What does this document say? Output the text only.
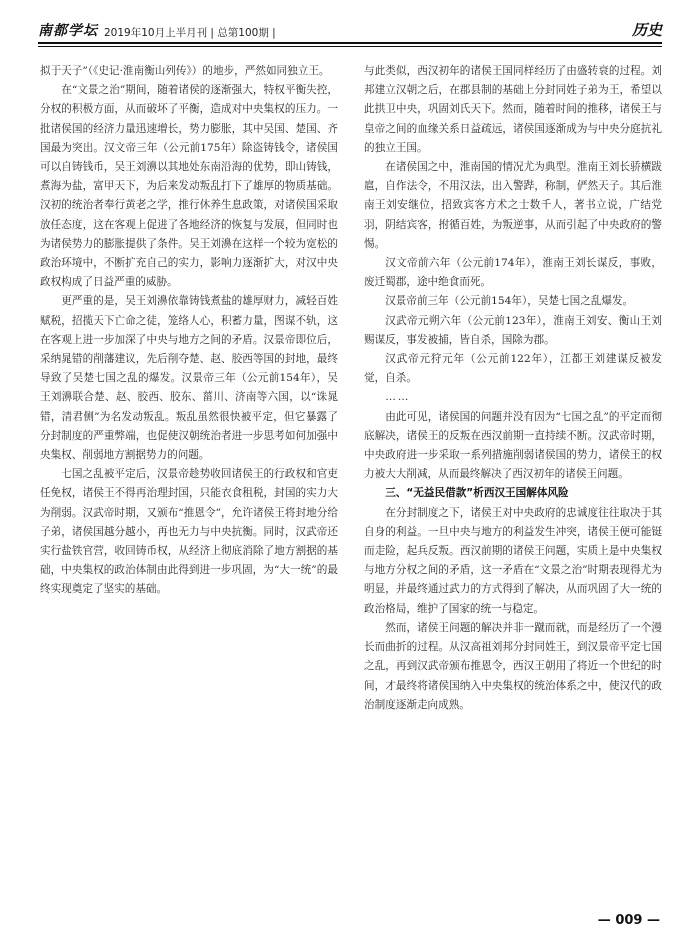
南都学坛 2019年10月上半月刊 | 总第100期 |	历史

拟于天子”（《史记·淮南衡山列传》）的地步，严然如同独立王。

在“文景之治”期间，随着诸侯的逐渐强大，特权平衡失控，分权的积极方面，从而破坏了平衡，造成对中央集权的压力。一批诸侯国的经济力量迅速增长，势力膨胀，其中吴国、楚国、齐国最为突出。汉文帝三年（公元前175年）除盗铸钱令，诸侯国可以自铸钱币，吴王刘濞以其地处东南沿海的优势，即山铸钱，煮海为盐，富甲天下，为后来发动叛乱打下了雄厚的物质基础。汉初的统治者奉行黄老之学，推行休养生息政策，对诸侯国采取放任态度，这在客观上促进了各地经济的恢复与发展，但同时也为诸侯势力的膨胀提供了条件。吴王刘濞在这样一个较为宽松的政治环境中，不断扩充自己的实力，影响力逐渐扩大，对汉中央政权构成了日益严重的威胁。

更严重的是，吴王刘濞依靠铸钱煮盐的雄厚财力，减轻百姓赋税，招揽天下亡命之徒，笼络人心，积蓄力量，图谋不轨，这在客观上进一步加深了中央与地方之间的矛盾。汉景帝即位后，采纳晁错的削藩建议，先后削夺楚、赵、胶西等国的封地，最终导致了吴楚七国之乱的爆发。汉景帝三年（公元前154年），吴王刘濞联合楚、赵、胶西、胶东、菑川、济南等六国，以“诛晁错，清君侧”为名发动叛乱。叛乱虽然很快被平定，但它暴露了分封制度的严重弊端，也促使汉朝统治者进一步思考如何加强中央集权、削弱地方割据势力的问题。

七国之乱被平定后，汉景帝趁势收回诸侯王的行政权和官吏任免权，诸侯王不得再治理封国，只能衣食租税，封国的实力大为削弱。汉武帝时期，又颁布“推恩令”，允许诸侯王将封地分给子弟，诸侯国越分越小，再也无力与中央抗衡。同时，汉武帝还实行盐铁官营，收回铸币权，从经济上彻底消除了地方割据的基础，中央集权的政治体制由此得到进一步巩固，为“大一统”的最终实现奠定了坚实的基础。

与此类似，西汉初年的诸侯王国同样经历了由盛转衰的过程。刘邦建立汉朝之后，在郡县制的基础上分封同姓子弟为王，希望以此拱卫中央，巩固刘氏天下。然而，随着时间的推移，诸侯王与皇帝之间的血缘关系日益疏远，诸侯国逐渐成为与中央分庭抗礼的独立王国。

在诸侯国之中，淮南国的情况尤为典型。淮南王刘长骄横跋扈，自作法令，不用汉法，出入警跸，称制，俨然天子。其后淮南王刘安继位，招致宾客方术之士数千人，著书立说，广结党羽，阴结宾客，拊循百姓，为叛逆事，从而引起了中央政府的警惕。

汉文帝前六年（公元前174年），淮南王刘长谋反，事败，废迁蜀郡，途中绝食而死。

汉景帝前三年（公元前154年），吴楚七国之乱爆发。

汉武帝元朔六年（公元前123年），淮南王刘安、衡山王刘赐谋反，事发被捕，皆自杀，国除为郡。

汉武帝元狩元年（公元前122年），江都王刘建谋反被发觉，自杀。

……

由此可见，诸侯国的问题并没有因为“七国之乱”的平定而彻底解决，诸侯王的反叛在西汉前期一直持续不断。汉武帝时期，中央政府进一步采取一系列措施削弱诸侯国的势力，诸侯王的权力被大大削减，从而最终解决了西汉初年的诸侯王问题。

三、“无益民借款”析西汉王国解体风险

在分封制度之下，诸侯王对中央政府的忠诚度往往取决于其自身的利益。一旦中央与地方的利益发生冲突，诸侯王便可能铤而走险，起兵反叛。西汉前期的诸侯王问题，实质上是中央集权与地方分权之间的矛盾，这一矛盾在“文景之治”时期表现得尤为明显，并最终通过武力的方式得到了解决，从而巩固了大一统的政治格局，维护了国家的统一与稳定。

然而，诸侯王问题的解决并非一蹴而就，而是经历了一个漫长而曲折的过程。从汉高祖刘邦分封同姓王，到汉景帝平定七国之乱，再到汉武帝颁布推恩令，西汉王朝用了将近一个世纪的时间，才最终将诸侯国纳入中央集权的统治体系之中，使汉代的政治制度逐渐走向成熟。

— 009 —
